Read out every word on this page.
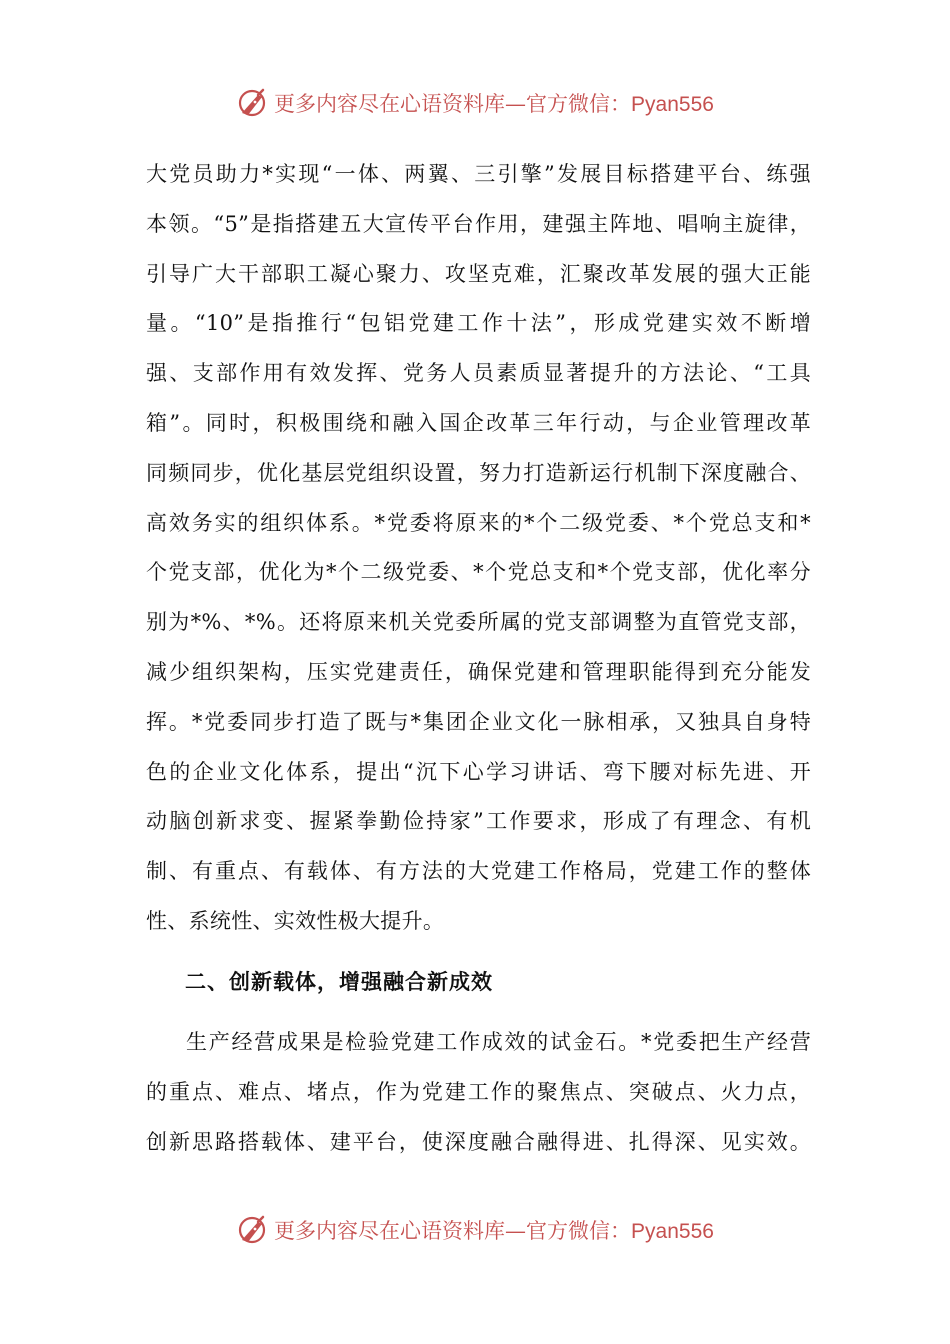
更多内容尽在心语资料库—官方微信：Pyan556
大党员助力*实现“一体、两翼、三引擎”发展目标搭建平台、练强
本领。“5”是指搭建五大宣传平台作用，建强主阵地、唱响主旋律，
引导广大干部职工凝心聚力、攻坚克难，汇聚改革发展的强大正能
量。“10”是指推行“包铝党建工作十法”，形成党建实效不断增
强、支部作用有效发挥、党务人员素质显著提升的方法论、“工具
箱”。同时，积极围绕和融入国企改革三年行动，与企业管理改革
同频同步，优化基层党组织设置，努力打造新运行机制下深度融合、
高效务实的组织体系。*党委将原来的*个二级党委、*个党总支和*
个党支部，优化为*个二级党委、*个党总支和*个党支部，优化率分
别为*%、*%。还将原来机关党委所属的党支部调整为直管党支部，
减少组织架构，压实党建责任，确保党建和管理职能得到充分能发
挥。*党委同步打造了既与*集团企业文化一脉相承，又独具自身特
色的企业文化体系，提出“沉下心学习讲话、弯下腰对标先进、开
动脑创新求变、握紧拳勤俭持家”工作要求，形成了有理念、有机
制、有重点、有载体、有方法的大党建工作格局，党建工作的整体
性、系统性、实效性极大提升。
二、创新载体，增强融合新成效
生产经营成果是检验党建工作成效的试金石。*党委把生产经营
的重点、难点、堵点，作为党建工作的聚焦点、突破点、火力点，
创新思路搭载体、建平台，使深度融合融得进、扎得深、见实效。
更多内容尽在心语资料库—官方微信：Pyan556
